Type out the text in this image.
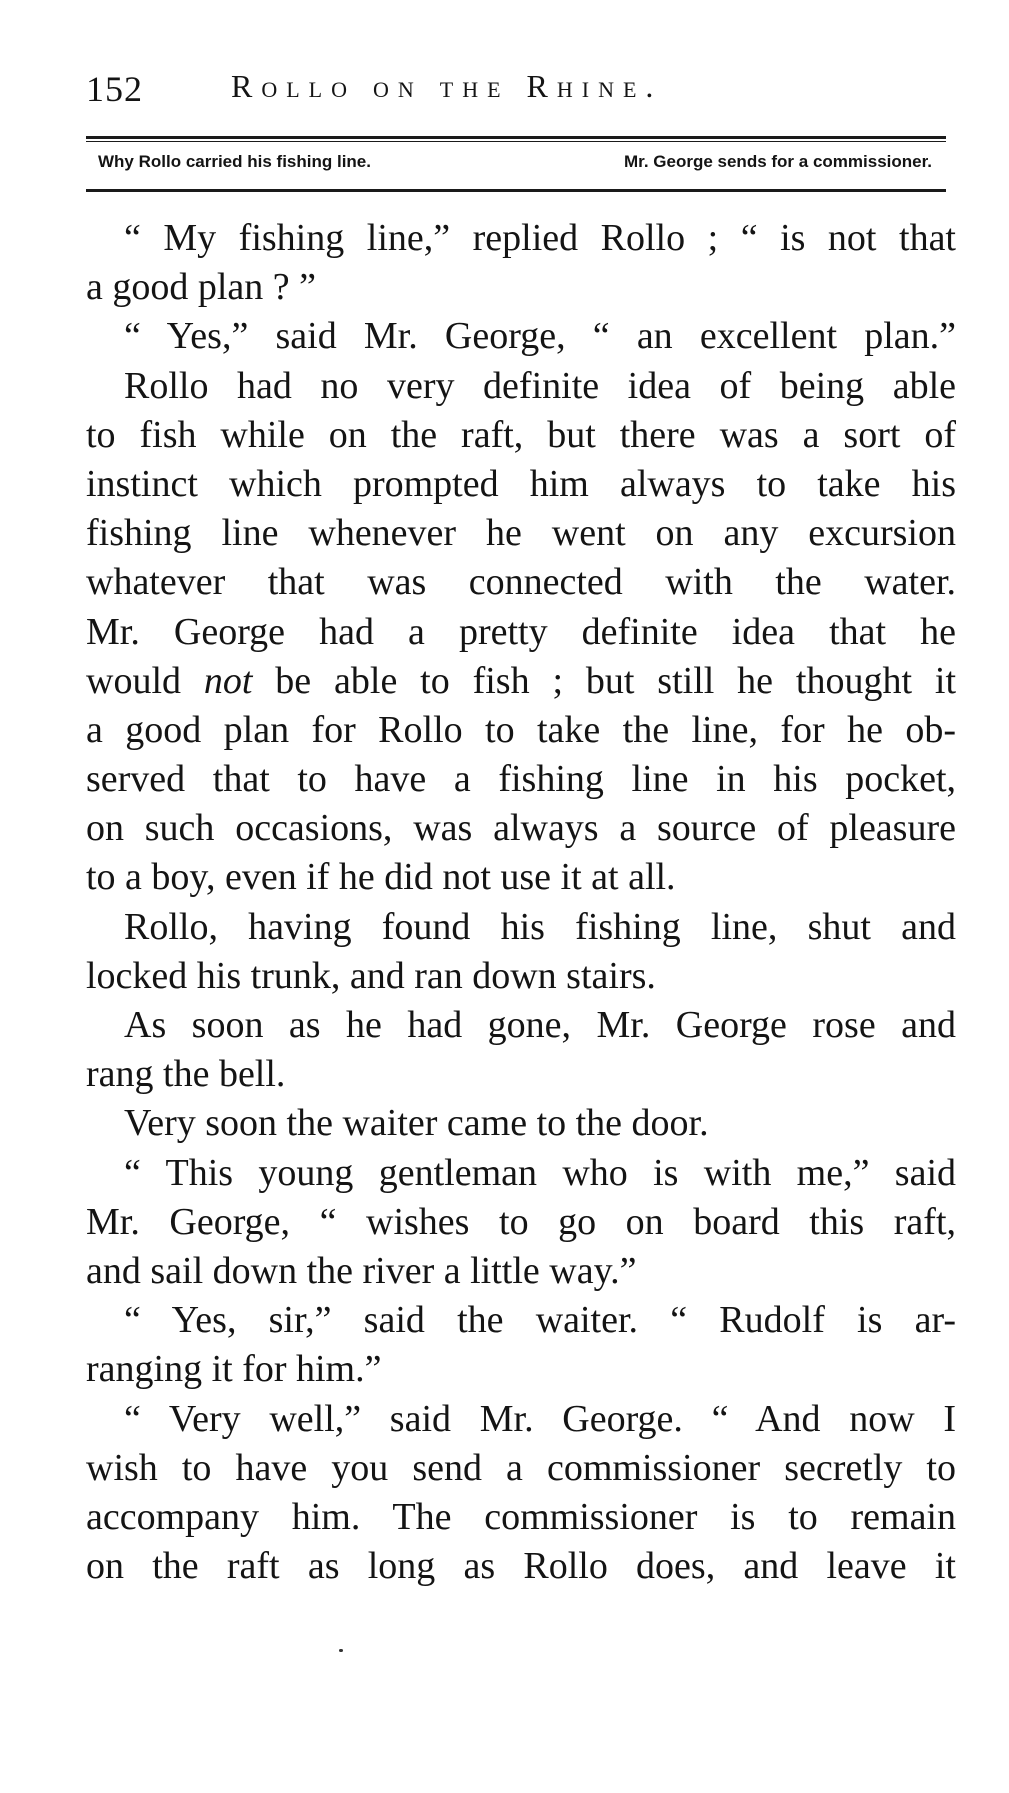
152	Rollo on the Rhine.
Why Rollo carried his fishing line.	Mr. George sends for a commissioner.
“ My fishing line,” replied Rollo ; “ is not that
a good plan ? ”
“ Yes,” said Mr. George, “ an excellent plan.”
Rollo had no very definite idea of being able
to fish while on the raft, but there was a sort of
instinct which prompted him always to take his
fishing line whenever he went on any excursion
whatever that was connected with the water.
Mr. George had a pretty definite idea that he
would not be able to fish ; but still he thought it
a good plan for Rollo to take the line, for he ob-
served that to have a fishing line in his pocket,
on such occasions, was always a source of pleasure
to a boy, even if he did not use it at all.
Rollo, having found his fishing line, shut and
locked his trunk, and ran down stairs.
As soon as he had gone, Mr. George rose and
rang the bell.
Very soon the waiter came to the door.
“ This young gentleman who is with me,” said
Mr. George, “ wishes to go on board this raft,
and sail down the river a little way.”
“ Yes, sir,” said the waiter. “ Rudolf is ar-
ranging it for him.”
“ Very well,” said Mr. George. “ And now I
wish to have you send a commissioner secretly to
accompany him. The commissioner is to remain
on the raft as long as Rollo does, and leave it
